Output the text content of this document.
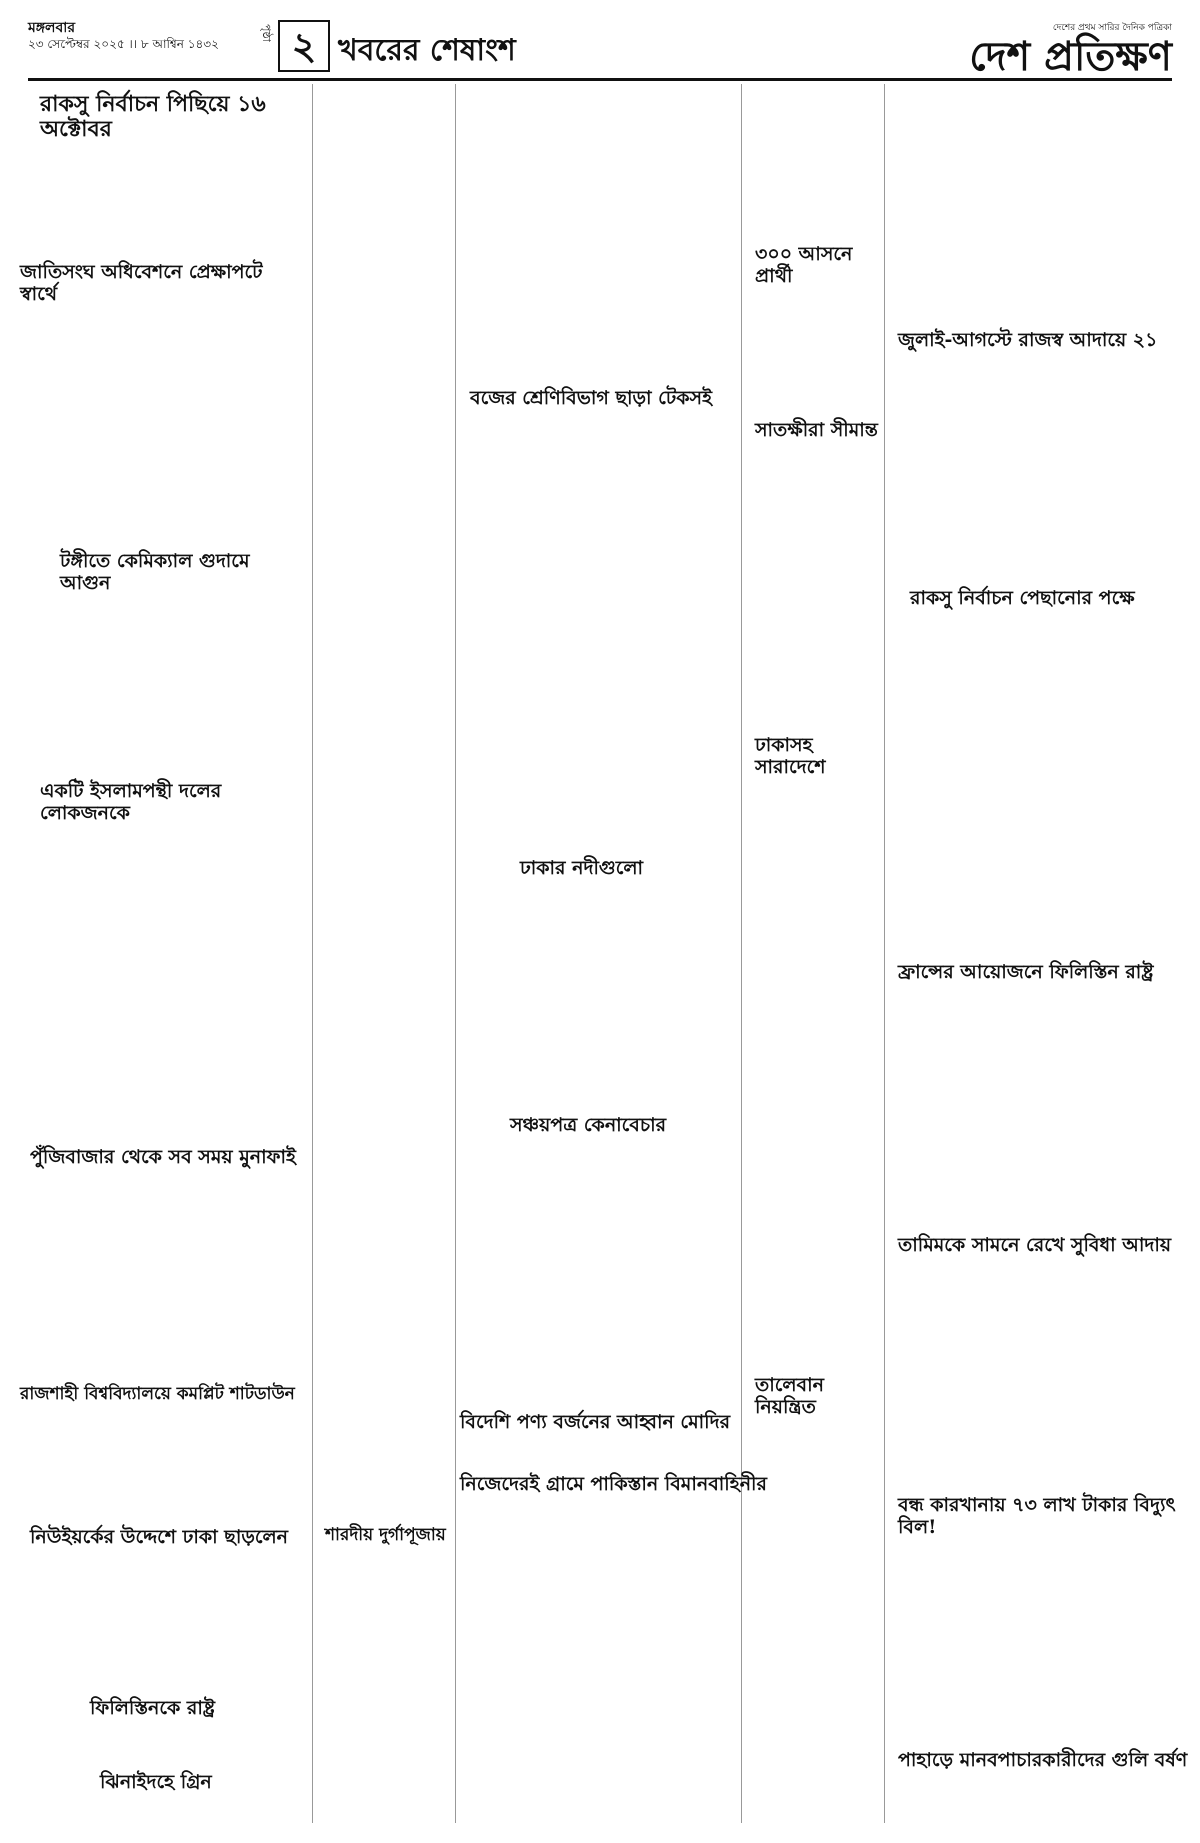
মঙ্গলবার
২৩ সেপ্টেম্বর ২০২৫ ।। ৮ আশ্বিন ১৪৩২
পৃষ্ঠা ২ খবরের শেষাংশ
দেশের প্রথম সারির দৈনিক পত্রিকা
দেশ প্রতিক্ষণ
রাকসু নির্বাচন পিছিয়ে ১৬ অক্টোবর
জাতিসংঘ অধিবেশনে প্রেক্ষাপটে স্বার্থে
টঙ্গীতে কেমিক্যাল গুদামে আগুন
একটি ইসলামপন্থী দলের লোকজনকে
পুঁজিবাজার থেকে সব সময় মুনাফাই
রাজশাহী বিশ্ববিদ্যালয়ে কমপ্লিট শাটডাউন
নিউইয়র্কের উদ্দেশে ঢাকা ছাড়লেন
ফিলিস্তিনকে রাষ্ট্র
ঝিনাইদহে গ্রিন
বজের শ্রেণিবিভাগ ছাড়া টেকসই
ঢাকার নদীগুলো
সঞ্চয়পত্র কেনাবেচার
বিদেশি পণ্য বর্জনের আহ্বান মোদির
নিজেদেরই গ্রামে পাকিস্তান বিমানবাহিনীর
শারদীয় দুর্গাপূজায়
৩০০ আসনে প্রার্থী
সাতক্ষীরা সীমান্ত
ঢাকাসহ সারাদেশে
তালেবান নিয়ন্ত্রিত
জুলাই-আগস্টে রাজস্ব আদায়ে ২১
রাকসু নির্বাচন পেছানোর পক্ষে
ফ্রান্সের আয়োজনে ফিলিস্তিন রাষ্ট্র
তামিমকে সামনে রেখে সুবিধা আদায়
বন্ধ কারখানায় ৭৩ লাখ টাকার বিদ্যুৎ বিল!
পাহাড়ে মানবপাচারকারীদের গুলি বর্ষণ
